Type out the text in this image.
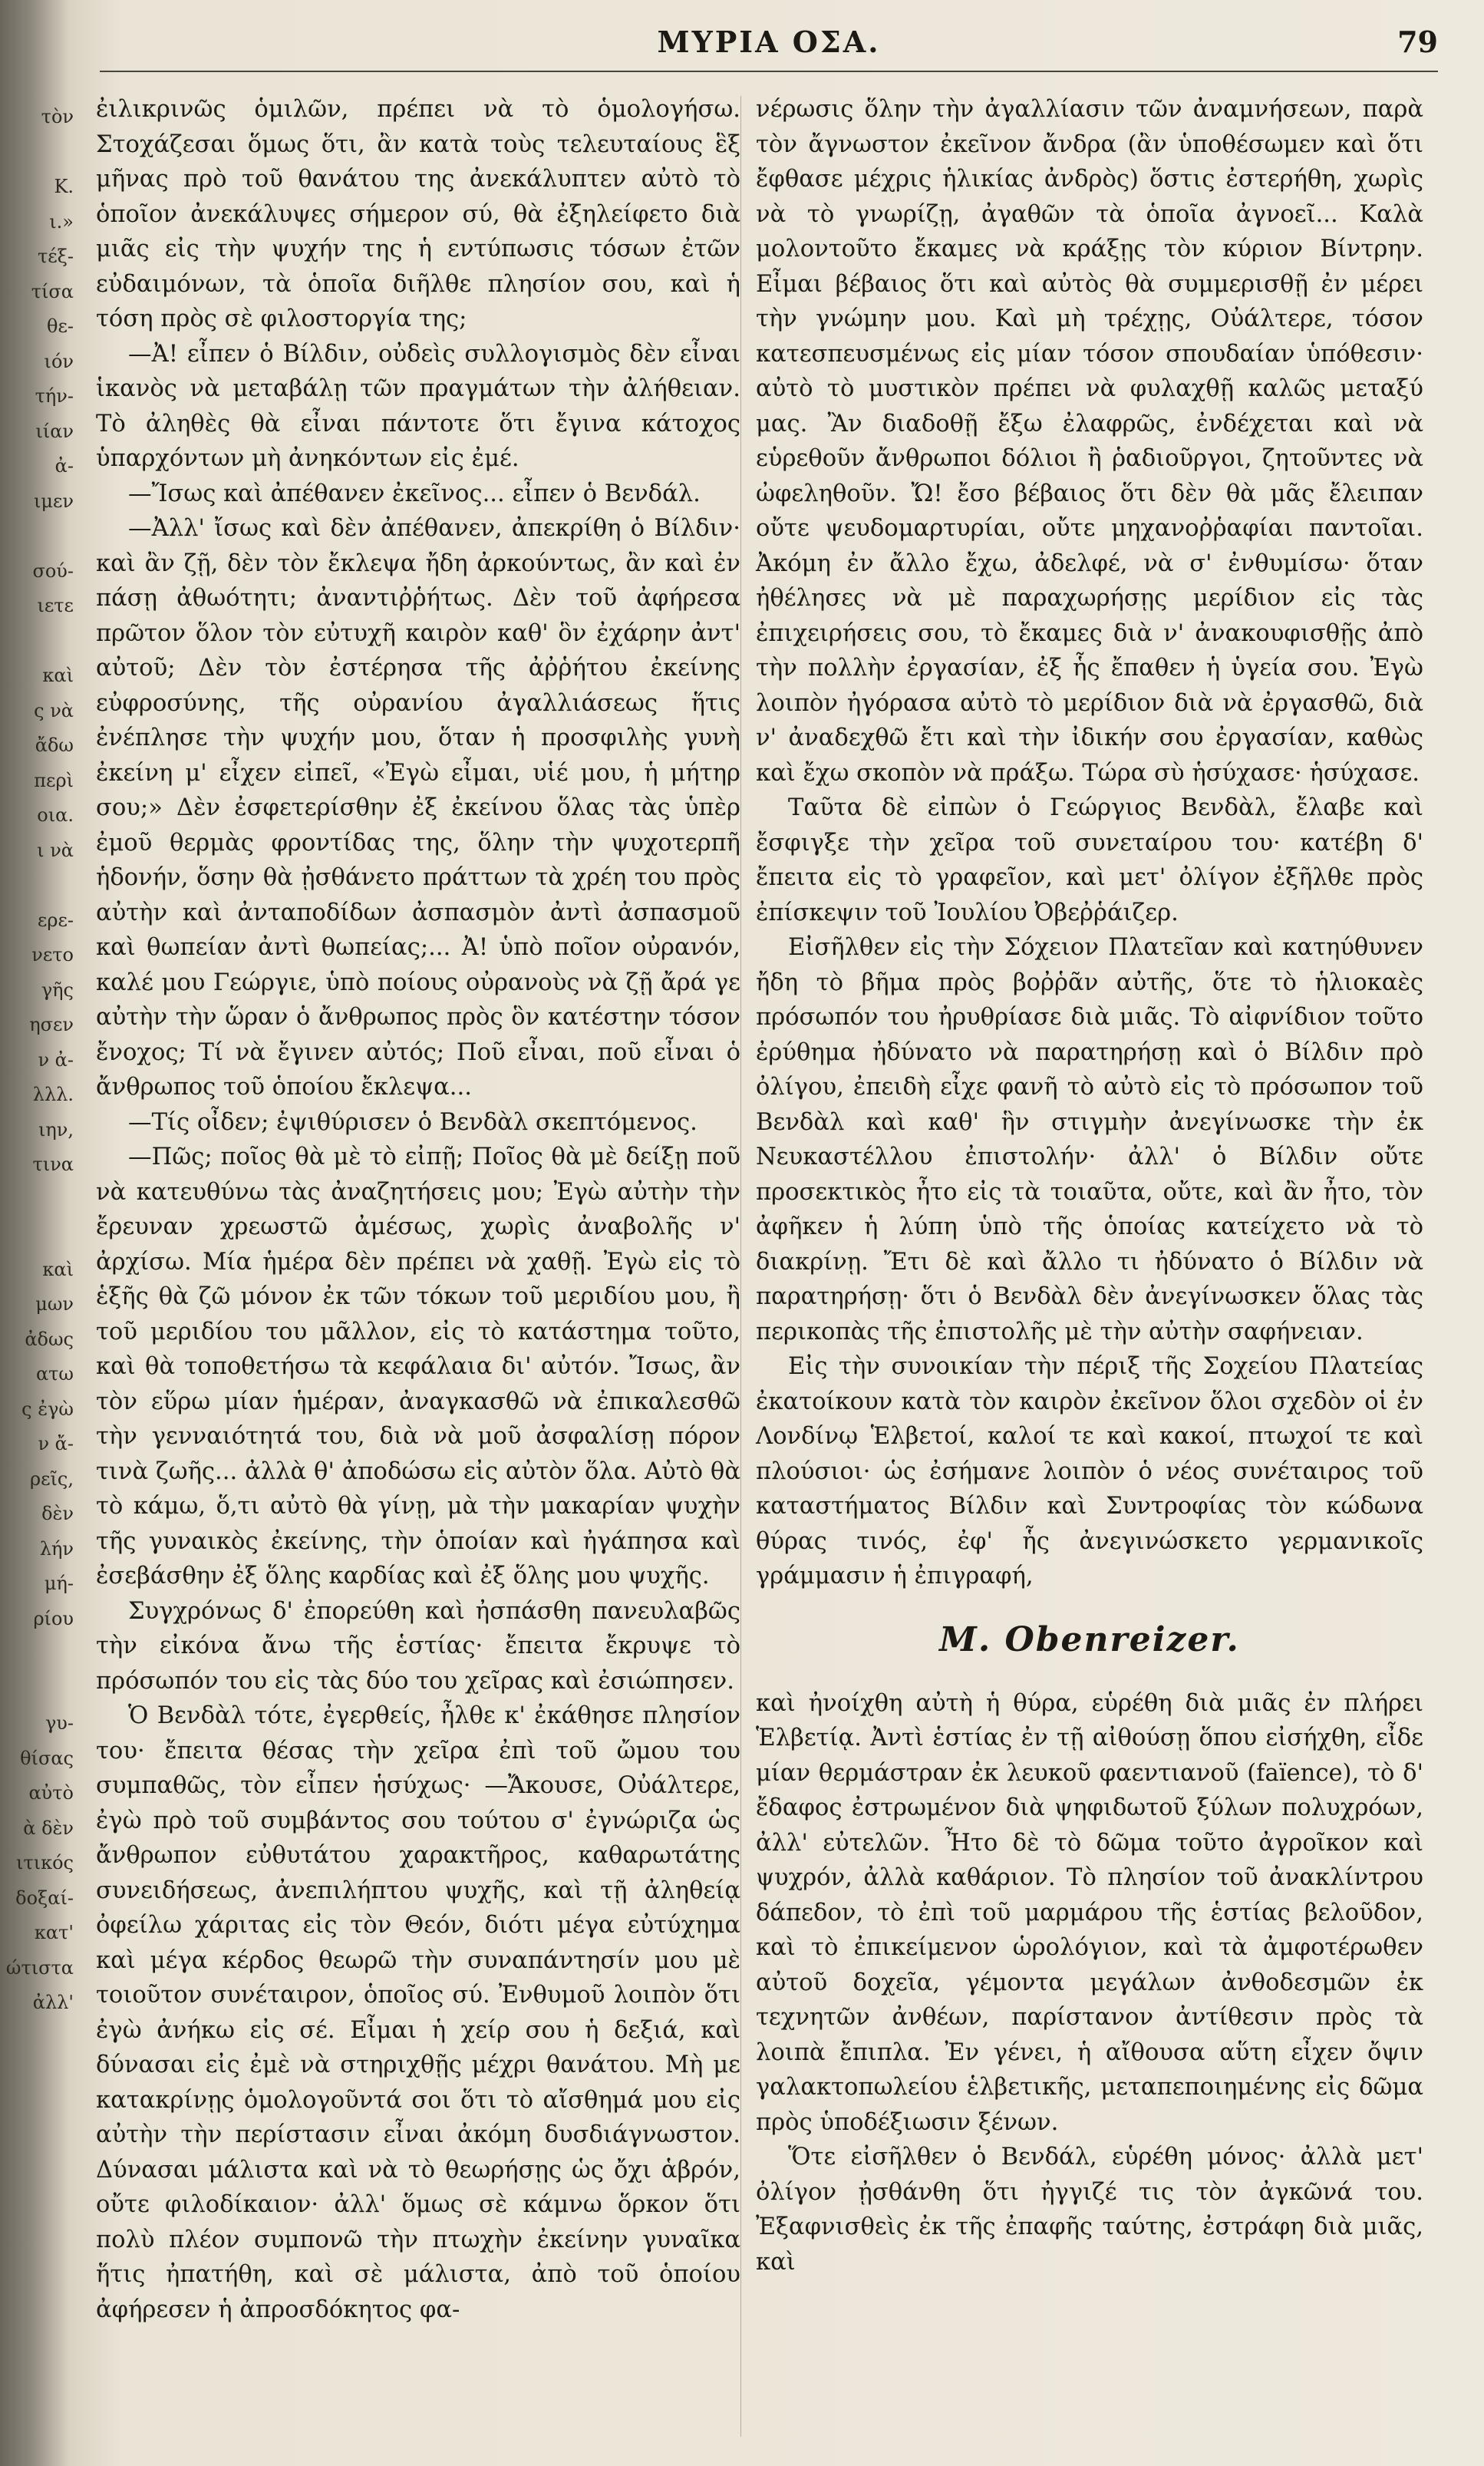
τὸν
Κ.
ι.»
τέξ-
τίσα
θε-
ιόν
τήν-
ιίαν
ἀ-
ιμεν
σού-
ιετε
καὶ
ς νὰ
ἄδω
περὶ
οια.
ι νὰ
ερε-
νετο
γῆς
ησεν
ν ἀ-
λλλ.
ιην,
τινα
καὶ
μων
ἀδως
ατω
ς ἐγὼ
ν ἄ-
ρεῖς,
δὲν
λήν
μή-
ρίου
γυ-
θίσας
αὐτὸ
ὰ δὲν
ιτικός
δοξαί-
κατ'
ώτιστα
ἀλλ'
ΜΥΡΙΑ ΟΣΑ.	79

ἐιλικρινῶς ὁμιλῶν, πρέπει νὰ τὸ ὁμολογήσω. Στοχάζεσαι ὅμως ὅτι, ἂν κατὰ τοὺς τελευταίους ἓξ μῆνας πρὸ τοῦ θανάτου της ἀνεκάλυπτεν αὐτὸ τὸ ὁποῖον ἀνεκάλυψες σήμερον σύ, θὰ ἐξηλείφετο διὰ μιᾶς εἰς τὴν ψυχήν της ἡ εντύπωσις τόσων ἐτῶν εὐδαιμόνων, τὰ ὁποῖα διῆλθε πλησίον σου, καὶ ἡ τόση πρὸς σὲ φιλοστοργία της;

—Ἀ! εἶπεν ὁ Βίλδιν, οὐδεὶς συλλογισμὸς δὲν εἶναι ἱκανὸς νὰ μεταβάλῃ τῶν πραγμάτων τὴν ἀλήθειαν. Τὸ ἀληθὲς θὰ εἶναι πάντοτε ὅτι ἔγινα κάτοχος ὑπαρχόντων μὴ ἀνηκόντων εἰς ἐμέ.

—Ἴσως καὶ ἀπέθανεν ἐκεῖνος... εἶπεν ὁ Βενδάλ.

—Ἀλλ' ἴσως καὶ δὲν ἀπέθανεν, ἀπεκρίθη ὁ Βίλδιν· καὶ ἂν ζῇ, δὲν τὸν ἔκλεψα ἤδη ἀρκούντως, ἂν καὶ ἐν πάσῃ ἀθωότητι; ἀναντιῤῥήτως. Δὲν τοῦ ἀφήρεσα πρῶτον ὅλον τὸν εὐτυχῆ καιρὸν καθ' ὃν ἐχάρην ἀντ' αὐτοῦ; Δὲν τὸν ἐστέρησα τῆς ἀῤῥήτου ἐκείνης εὐφροσύνης, τῆς οὐρανίου ἀγαλλιάσεως ἥτις ἐνέπλησε τὴν ψυχήν μου, ὅταν ἡ προσφιλὴς γυνὴ ἐκείνη μ' εἶχεν εἰπεῖ, «Ἐγὼ εἶμαι, υἱέ μου, ἡ μήτηρ σου;» Δὲν ἐσφετερίσθην ἐξ ἐκείνου ὅλας τὰς ὑπὲρ ἐμοῦ θερμὰς φροντίδας της, ὅλην τὴν ψυχοτερπῆ ἡδονήν, ὅσην θὰ ᾐσθάνετο πράττων τὰ χρέη του πρὸς αὐτὴν καὶ ἀνταποδίδων ἀσπασμὸν ἀντὶ ἀσπασμοῦ καὶ θωπείαν ἀντὶ θωπείας;... Ἀ! ὑπὸ ποῖον οὐρανόν, καλέ μου Γεώργιε, ὑπὸ ποίους οὐρανοὺς νὰ ζῇ ἄρά γε αὐτὴν τὴν ὥραν ὁ ἄνθρωπος πρὸς ὃν κατέστην τόσον ἔνοχος; Τί νὰ ἔγινεν αὐτός; Ποῦ εἶναι, ποῦ εἶναι ὁ ἄνθρωπος τοῦ ὁποίου ἔκλεψα...

—Τίς οἶδεν; ἐψιθύρισεν ὁ Βενδὰλ σκεπτόμενος.

—Πῶς; ποῖος θὰ μὲ τὸ εἰπῇ; Ποῖος θὰ μὲ δείξῃ ποῦ νὰ κατευθύνω τὰς ἀναζητήσεις μου; Ἐγὼ αὐτὴν τὴν ἔρευναν χρεωστῶ ἀμέσως, χωρὶς ἀναβολῆς ν' ἀρχίσω. Μία ἡμέρα δὲν πρέπει νὰ χαθῇ. Ἐγὼ εἰς τὸ ἑξῆς θὰ ζῶ μόνον ἐκ τῶν τόκων τοῦ μεριδίου μου, ἢ τοῦ μεριδίου του μᾶλλον, εἰς τὸ κατάστημα τοῦτο, καὶ θὰ τοποθετήσω τὰ κεφάλαια δι' αὐτόν. Ἴσως, ἂν τὸν εὕρω μίαν ἡμέραν, ἀναγκασθῶ νὰ ἐπικαλεσθῶ τὴν γενναιότητά του, διὰ νὰ μοῦ ἀσφαλίσῃ πόρον τινὰ ζωῆς... ἀλλὰ θ' ἀποδώσω εἰς αὐτὸν ὅλα. Αὐτὸ θὰ τὸ κάμω, ὅ,τι αὐτὸ θὰ γίνῃ, μὰ τὴν μακαρίαν ψυχὴν τῆς γυναικὸς ἐκείνης, τὴν ὁποίαν καὶ ἠγάπησα καὶ ἐσεβάσθην ἐξ ὅλης καρδίας καὶ ἐξ ὅλης μου ψυχῆς.

Συγχρόνως δ' ἐπορεύθη καὶ ἠσπάσθη πανευλαβῶς τὴν εἰκόνα ἄνω τῆς ἑστίας· ἔπειτα ἔκρυψε τὸ πρόσωπόν του εἰς τὰς δύο του χεῖρας καὶ ἐσιώπησεν.

Ὁ Βενδὰλ τότε, ἐγερθείς, ἦλθε κ' ἐκάθησε πλησίον του· ἔπειτα θέσας τὴν χεῖρα ἐπὶ τοῦ ὤμου του συμπαθῶς, τὸν εἶπεν ἡσύχως· —Ἄκουσε, Οὐάλτερε, ἐγὼ πρὸ τοῦ συμβάντος σου τούτου σ' ἐγνώριζα ὡς ἄνθρωπον εὐθυτάτου χαρακτῆρος, καθαρωτάτης συνειδήσεως, ἀνεπιλήπτου ψυχῆς, καὶ τῇ ἀληθείᾳ ὀφείλω χάριτας εἰς τὸν Θεόν, διότι μέγα εὐτύχημα καὶ μέγα κέρδος θεωρῶ τὴν συναπάντησίν μου μὲ τοιοῦτον συνέταιρον, ὁποῖος σύ. Ἐνθυμοῦ λοιπὸν ὅτι ἐγὼ ἀνήκω εἰς σέ. Εἶμαι ἡ χείρ σου ἡ δεξιά, καὶ δύνασαι εἰς ἐμὲ νὰ στηριχθῇς μέχρι θανάτου. Μὴ με κατακρίνῃς ὁμολογοῦντά σοι ὅτι τὸ αἴσθημά μου εἰς αὐτὴν τὴν περίστασιν εἶναι ἀκόμη δυσδιάγνωστον. Δύνασαι μάλιστα καὶ νὰ τὸ θεωρήσῃς ὡς ὄχι ἁβρόν, οὔτε φιλοδίκαιον· ἀλλ' ὅμως σὲ κάμνω ὅρκον ὅτι πολὺ πλέον συμπονῶ τὴν πτωχὴν ἐκείνην γυναῖκα ἥτις ἠπατήθη, καὶ σὲ μάλιστα, ἀπὸ τοῦ ὁποίου ἀφήρεσεν ἡ ἀπροσδόκητος φα-

νέρωσις ὅλην τὴν ἀγαλλίασιν τῶν ἀναμνήσεων, παρὰ τὸν ἄγνωστον ἐκεῖνον ἄνδρα (ἂν ὑποθέσωμεν καὶ ὅτι ἔφθασε μέχρις ἡλικίας ἀνδρὸς) ὅστις ἐστερήθη, χωρὶς νὰ τὸ γνωρίζῃ, ἀγαθῶν τὰ ὁποῖα ἀγνοεῖ... Καλὰ μολοντοῦτο ἔκαμες νὰ κράξῃς τὸν κύριον Βίντρην. Εἶμαι βέβαιος ὅτι καὶ αὐτὸς θὰ συμμερισθῇ ἐν μέρει τὴν γνώμην μου. Καὶ μὴ τρέχῃς, Οὐάλτερε, τόσον κατεσπευσμένως εἰς μίαν τόσον σπουδαίαν ὑπόθεσιν· αὐτὸ τὸ μυστικὸν πρέπει νὰ φυλαχθῇ καλῶς μεταξύ μας. Ἂν διαδοθῇ ἔξω ἐλαφρῶς, ἐνδέχεται καὶ νὰ εὑρεθοῦν ἄνθρωποι δόλιοι ἢ ῥαδιοῦργοι, ζητοῦντες νὰ ὠφεληθοῦν. Ὤ! ἔσο βέβαιος ὅτι δὲν θὰ μᾶς ἔλειπαν οὔτε ψευδομαρτυρίαι, οὔτε μηχανοῤῥαφίαι παντοῖαι. Ἀκόμη ἐν ἄλλο ἔχω, ἀδελφέ, νὰ σ' ἐνθυμίσω· ὅταν ἠθέλησες νὰ μὲ παραχωρήσῃς μερίδιον εἰς τὰς ἐπιχειρήσεις σου, τὸ ἔκαμες διὰ ν' ἀνακουφισθῇς ἀπὸ τὴν πολλὴν ἐργασίαν, ἐξ ἧς ἔπαθεν ἡ ὑγεία σου. Ἐγὼ λοιπὸν ἠγόρασα αὐτὸ τὸ μερίδιον διὰ νὰ ἐργασθῶ, διὰ ν' ἀναδεχθῶ ἔτι καὶ τὴν ἰδικήν σου ἐργασίαν, καθὼς καὶ ἔχω σκοπὸν νὰ πράξω. Τώρα σὺ ἡσύχασε· ἡσύχασε.

Ταῦτα δὲ εἰπὼν ὁ Γεώργιος Βενδὰλ, ἔλαβε καὶ ἔσφιγξε τὴν χεῖρα τοῦ συνεταίρου του· κατέβη δ' ἔπειτα εἰς τὸ γραφεῖον, καὶ μετ' ὀλίγον ἐξῆλθε πρὸς ἐπίσκεψιν τοῦ Ἰουλίου Ὀβεῤῥάιζερ.

Εἰσῆλθεν εἰς τὴν Σόχειον Πλατεῖαν καὶ κατηύθυνεν ἤδη τὸ βῆμα πρὸς βοῤῥᾶν αὐτῆς, ὅτε τὸ ἡλιοκαὲς πρόσωπόν του ἠρυθρίασε διὰ μιᾶς. Τὸ αἰφνίδιον τοῦτο ἐρύθημα ἠδύνατο νὰ παρατηρήσῃ καὶ ὁ Βίλδιν πρὸ ὀλίγου, ἐπειδὴ εἶχε φανῆ τὸ αὐτὸ εἰς τὸ πρόσωπον τοῦ Βενδὰλ καὶ καθ' ἣν στιγμὴν ἀνεγίνωσκε τὴν ἐκ Νευκαστέλλου ἐπιστολήν· ἀλλ' ὁ Βίλδιν οὔτε προσεκτικὸς ἦτο εἰς τὰ τοιαῦτα, οὔτε, καὶ ἂν ἦτο, τὸν ἀφῆκεν ἡ λύπη ὑπὸ τῆς ὁποίας κατείχετο νὰ τὸ διακρίνῃ. Ἔτι δὲ καὶ ἄλλο τι ἠδύνατο ὁ Βίλδιν νὰ παρατηρήσῃ· ὅτι ὁ Βενδὰλ δὲν ἀνεγίνωσκεν ὅλας τὰς περικοπὰς τῆς ἐπιστολῆς μὲ τὴν αὐτὴν σαφήνειαν.

Εἰς τὴν συνοικίαν τὴν πέριξ τῆς Σοχείου Πλατείας ἐκατοίκουν κατὰ τὸν καιρὸν ἐκεῖνον ὅλοι σχεδὸν οἱ ἐν Λονδίνῳ Ἑλβετοί, καλοί τε καὶ κακοί, πτωχοί τε καὶ πλούσιοι· ὡς ἐσήμανε λοιπὸν ὁ νέος συνέταιρος τοῦ καταστήματος Βίλδιν καὶ Συντροφίας τὸν κώδωνα θύρας τινός, ἐφ' ἧς ἀνεγινώσκετο γερμανικοῖς γράμμασιν ἡ ἐπιγραφή,

M. Obenreizer.

καὶ ἠνοίχθη αὐτὴ ἡ θύρα, εὑρέθη διὰ μιᾶς ἐν πλήρει Ἑλβετίᾳ. Ἀντὶ ἑστίας ἐν τῇ αἰθούσῃ ὅπου εἰσήχθη, εἶδε μίαν θερμάστραν ἐκ λευκοῦ φαεντιανοῦ (faïence), τὸ δ' ἔδαφος ἐστρωμένον διὰ ψηφιδωτοῦ ξύλων πολυχρόων, ἀλλ' εὐτελῶν. Ἦτο δὲ τὸ δῶμα τοῦτο ἀγροῖκον καὶ ψυχρόν, ἀλλὰ καθάριον. Τὸ πλησίον τοῦ ἀνακλίντρου δάπεδον, τὸ ἐπὶ τοῦ μαρμάρου τῆς ἑστίας βελοῦδον, καὶ τὸ ἐπικείμενον ὡρολόγιον, καὶ τὰ ἀμφοτέρωθεν αὐτοῦ δοχεῖα, γέμοντα μεγάλων ἀνθοδεσμῶν ἐκ τεχνητῶν ἀνθέων, παρίστανον ἀντίθεσιν πρὸς τὰ λοιπὰ ἔπιπλα. Ἐν γένει, ἡ αἴθουσα αὕτη εἶχεν ὄψιν γαλακτοπωλείου ἑλβετικῆς, μεταπεποιημένης εἰς δῶμα πρὸς ὑποδέξιωσιν ξένων.

Ὅτε εἰσῆλθεν ὁ Βενδάλ, εὑρέθη μόνος· ἀλλὰ μετ' ὀλίγον ᾐσθάνθη ὅτι ἠγγιζέ τις τὸν ἀγκῶνά του. Ἐξαφνισθεὶς ἐκ τῆς ἐπαφῆς ταύτης, ἐστράφη διὰ μιᾶς, καὶ
